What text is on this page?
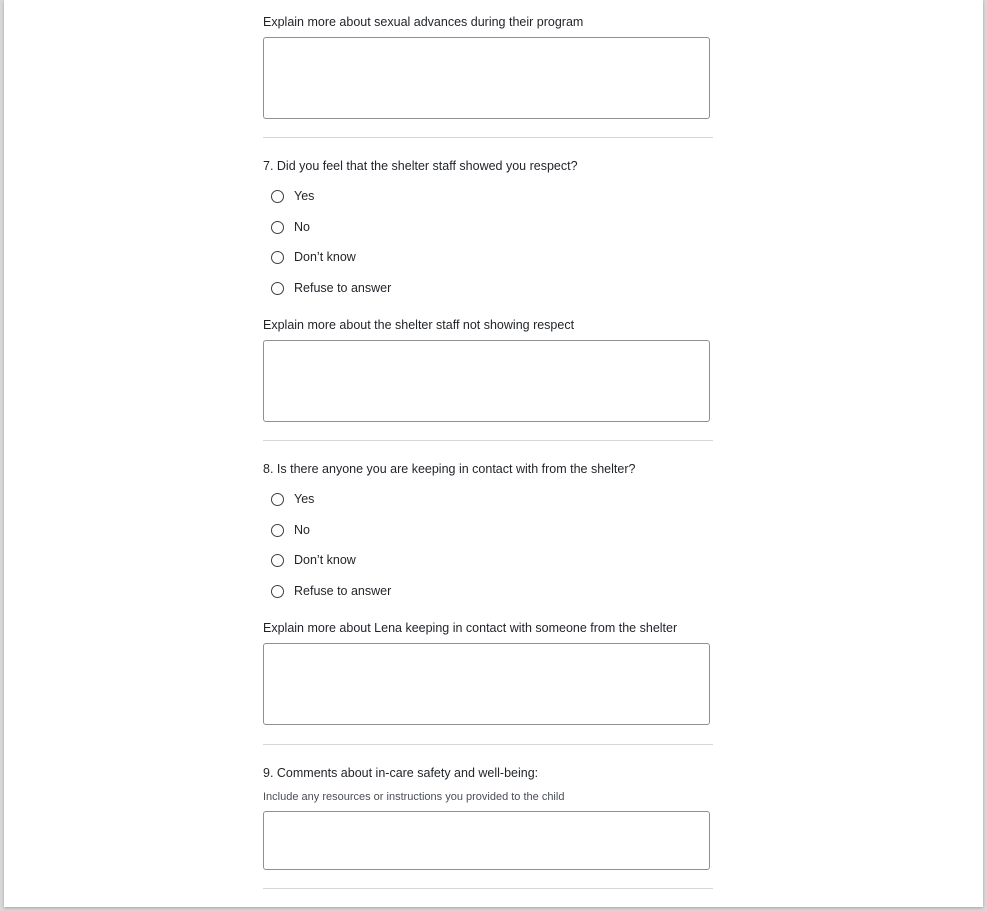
Explain more about sexual advances during their program
7. Did you feel that the shelter staff showed you respect?
Yes
No
Don’t know
Refuse to answer
Explain more about the shelter staff not showing respect
8. Is there anyone you are keeping in contact with from the shelter?
Yes
No
Don’t know
Refuse to answer
Explain more about Lena keeping in contact with someone from the shelter
9. Comments about in-care safety and well-being:
Include any resources or instructions you provided to the child
